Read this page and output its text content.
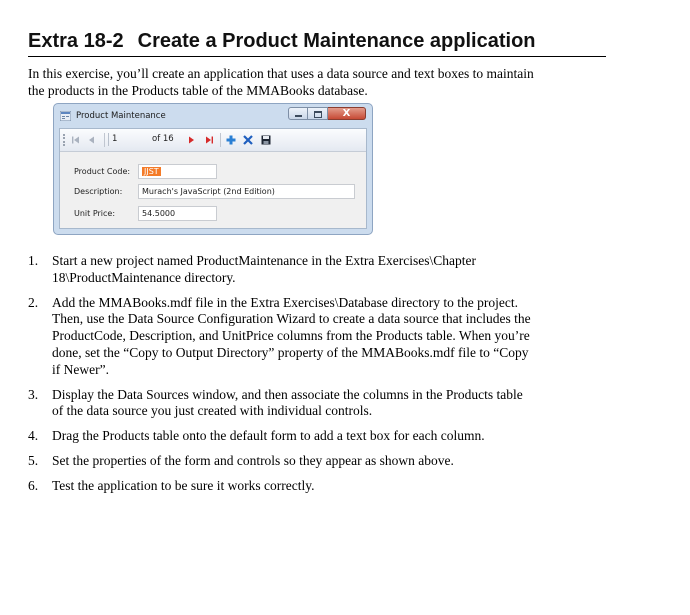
Extra 18-2 Create a Product Maintenance application

In this exercise, you’ll create an application that uses a data source and text boxes to maintain the products in the Products table of the MMABooks database.

Product Maintenance	X
1	of 16
Product Code:	JJST
Description:	Murach's JavaScript (2nd Edition)
Unit Price:	54.5000
1. Start a new project named ProductMaintenance in the Extra Exercises\Chapter 18\ProductMaintenance directory.
2. Add the MMABooks.mdf file in the Extra Exercises\Database directory to the project. Then, use the Data Source Configuration Wizard to create a data source that includes the ProductCode, Description, and UnitPrice columns from the Products table. When you’re done, set the “Copy to Output Directory” property of the MMABooks.mdf file to “Copy if Newer”.
3. Display the Data Sources window, and then associate the columns in the Products table of the data source you just created with individual controls.
4. Drag the Products table onto the default form to add a text box for each column.
5. Set the properties of the form and controls so they appear as shown above.
6. Test the application to be sure it works correctly.
